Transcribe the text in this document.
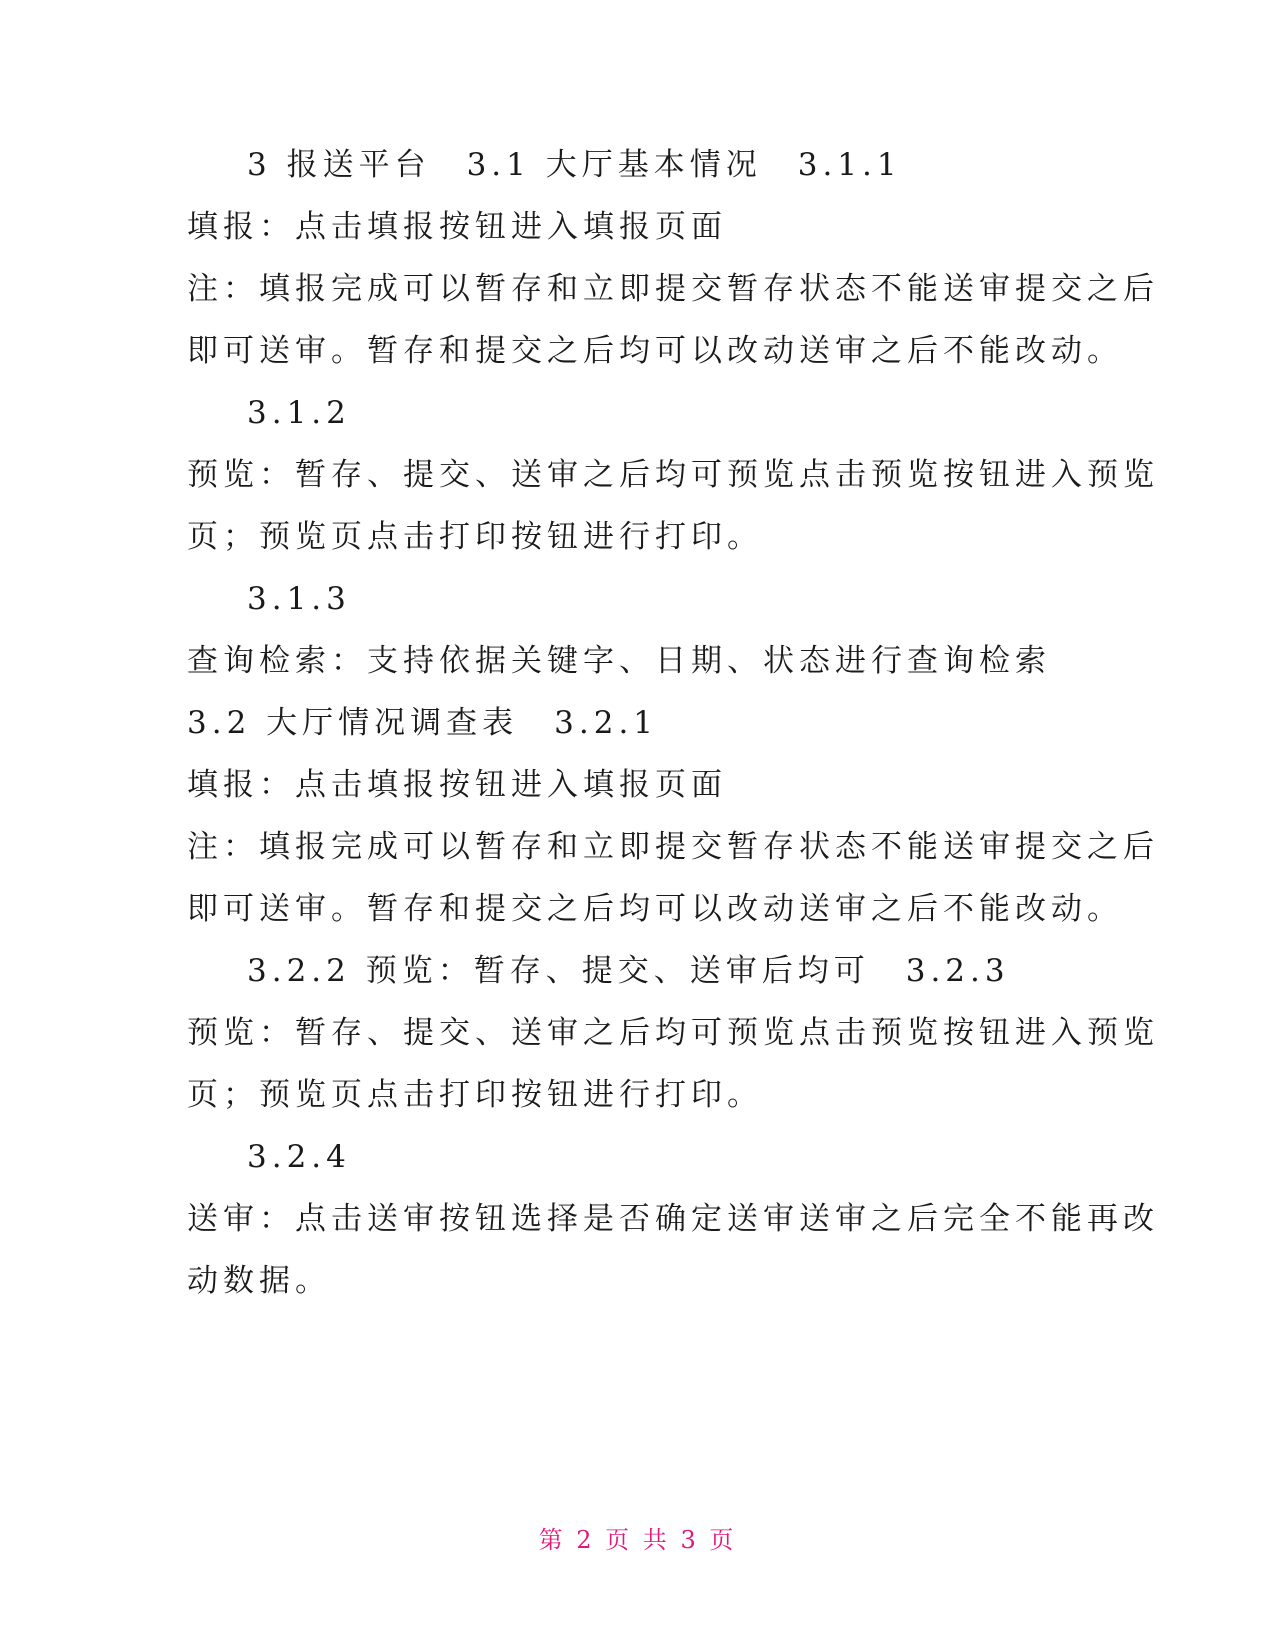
3 报送平台　3.1 大厅基本情况　3.1.1
填报：点击填报按钮进入填报页面
注：填报完成可以暂存和立即提交暂存状态不能送审提交之后
即可送审。暂存和提交之后均可以改动送审之后不能改动。
3.1.2
预览：暂存、提交、送审之后均可预览点击预览按钮进入预览
页；预览页点击打印按钮进行打印。
3.1.3
查询检索：支持依据关键字、日期、状态进行查询检索
3.2 大厅情况调查表　3.2.1
填报：点击填报按钮进入填报页面
注：填报完成可以暂存和立即提交暂存状态不能送审提交之后
即可送审。暂存和提交之后均可以改动送审之后不能改动。
3.2.2 预览：暂存、提交、送审后均可　3.2.3
预览：暂存、提交、送审之后均可预览点击预览按钮进入预览
页；预览页点击打印按钮进行打印。
3.2.4
送审：点击送审按钮选择是否确定送审送审之后完全不能再改
动数据。
第 2 页 共 3 页
